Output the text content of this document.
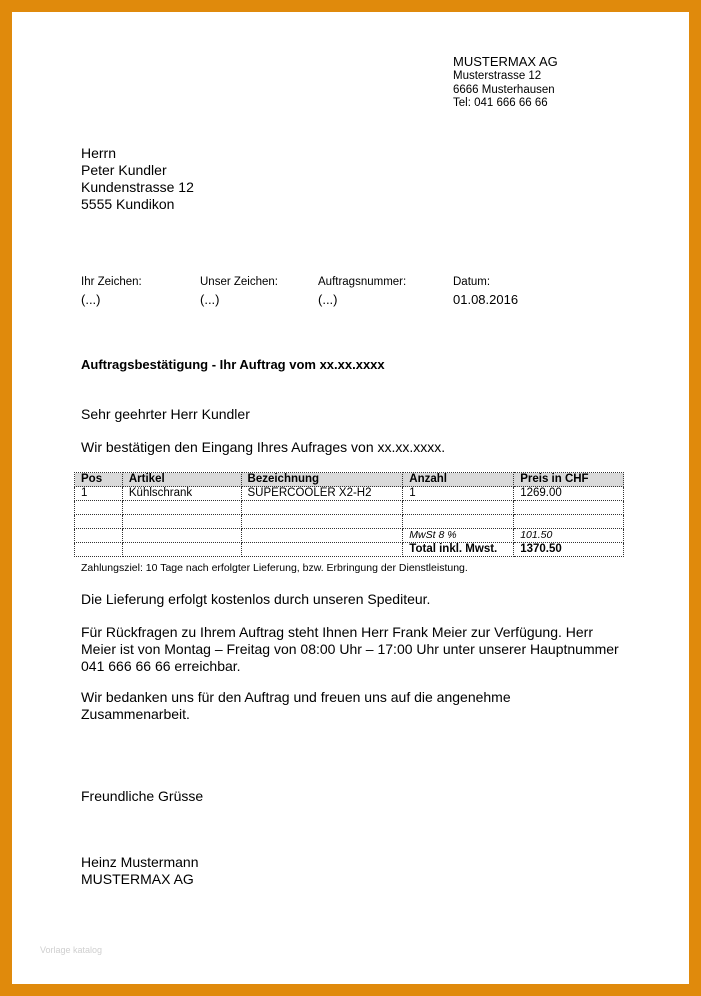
MUSTERMAX AG
Musterstrasse 12
6666 Musterhausen
Tel: 041 666 66 66
Herrn
Peter Kundler
Kundenstrasse 12
5555 Kundikon
Ihr Zeichen:
(...)
Unser Zeichen:
(...)
Auftragsnummer:
(...)
Datum:
01.08.2016
Auftragsbestätigung - Ihr Auftrag vom xx.xx.xxxx
Sehr geehrter Herr Kundler
Wir bestätigen den Eingang Ihres Aufrages von xx.xx.xxxx.
Pos	Artikel	Bezeichnung	Anzahl	Preis in CHF
1	Kühlschrank	SUPERCOOLER X2-H2	1	1269.00

			MwSt 8 %	101.50
			Total inkl. Mwst.	1370.50
Zahlungsziel: 10 Tage nach erfolgter Lieferung, bzw. Erbringung der Dienstleistung.
Die Lieferung erfolgt kostenlos durch unseren Spediteur.
Für Rückfragen zu Ihrem Auftrag steht Ihnen Herr Frank Meier zur Verfügung. Herr Meier ist von Montag – Freitag von 08:00 Uhr – 17:00 Uhr unter unserer Hauptnummer 041 666 66 66 erreichbar.
Wir bedanken uns für den Auftrag und freuen uns auf die angenehme Zusammenarbeit.
Freundliche Grüsse
Heinz Mustermann
MUSTERMAX AG
Vorlage katalog
